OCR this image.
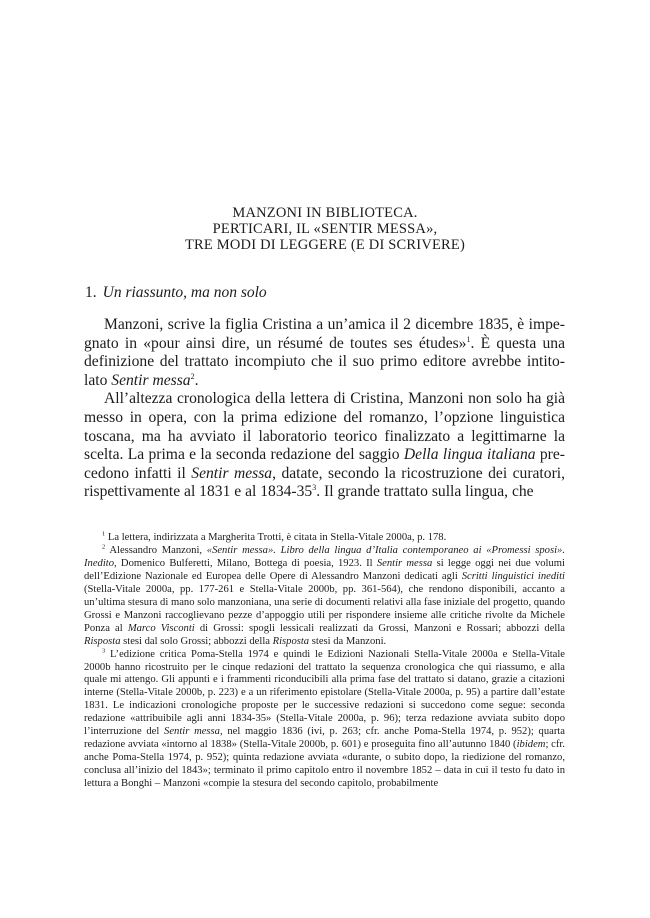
MANZONI IN BIBLIOTECA.
PERTICARI, IL «SENTIR MESSA»,
TRE MODI DI LEGGERE (E DI SCRIVERE)
1. Un riassunto, ma non solo

Manzoni, scrive la figlia Cristina a un’amica il 2 dicembre 1835, è impegnato in «pour ainsi dire, un résumé de toutes ses études»$^1$. È questa una definizione del trattato incompiuto che il suo primo editore avrebbe intitolato Sentir messa$^2$.

All’altezza cronologica della lettera di Cristina, Manzoni non solo ha già messo in opera, con la prima edizione del romanzo, l’opzione linguistica toscana, ma ha avviato il laboratorio teorico finalizzato a legittimarne la scelta. La prima e la seconda redazione del saggio Della lingua italiana precedono infatti il Sentir messa, datate, secondo la ricostruzione dei curatori, rispettivamente al 1831 e al $1834-35^3$. Il grande trattato sulla lingua, che

$^1$ La lettera, indirizzata a Margherita Trotti, è citata in Stella-Vitale 2000a, p. 178.

$^2$ Alessandro Manzoni, «Sentir messa». Libro della lingua d’Italia contemporaneo ai «Promessi sposi». Inedito, Domenico Bulferetti, Milano, Bottega di poesia, 1923. Il Sentir messa si legge oggi nei due volumi dell’Edizione Nazionale ed Europea delle Opere di Alessandro Manzoni dedicati agli Scritti linguistici inediti (Stella-Vitale 2000a, pp. 177-261 e Stella-Vitale 2000b, pp. 361-564), che rendono disponibili, accanto a un’ultima stesura di mano solo manzoniana, una serie di documenti relativi alla fase iniziale del progetto, quando Grossi e Manzoni raccoglievano pezze d’appoggio utili per rispondere insieme alle critiche rivolte da Michele Ponza al Marco Visconti di Grossi: spogli lessicali realizzati da Grossi, Manzoni e Rossari; abbozzi della Risposta stesi dal solo Grossi; abbozzi della Risposta stesi da Manzoni.

$^3$ L’edizione critica Poma-Stella 1974 e quindi le Edizioni Nazionali Stella-Vitale 2000a e Stella-Vitale 2000b hanno ricostruito per le cinque redazioni del trattato la sequenza cronologica che qui riassumo, e alla quale mi attengo. Gli appunti e i frammenti riconducibili alla prima fase del trattato si datano, grazie a citazioni interne (Stella-Vitale 2000b, p. 223) e a un riferimento epistolare (Stella-Vitale 2000a, p. 95) a partire dall’estate 1831. Le indicazioni cronologiche proposte per le successive redazioni si succedono come segue: seconda redazione «attribuibile agli anni 1834-35» (Stella-Vitale 2000a, p. 96); terza redazione avviata subito dopo l’interruzione del Sentir messa, nel maggio 1836 (ivi, p. 263; cfr. anche Poma-Stella 1974, p. 952); quarta redazione avviata «intorno al 1838» (Stella-Vitale 2000b, p. 601) e proseguita fino all’autunno 1840 (ibidem; cfr. anche Poma-Stella 1974, p. 952); quinta redazione avviata «durante, o subito dopo, la riedizione del romanzo, conclusa all’inizio del 1843»; terminato il primo capitolo entro il novembre 1852 – data in cui il testo fu dato in lettura a Bonghi – Manzoni «compie la stesura del secondo capitolo, probabilmente
